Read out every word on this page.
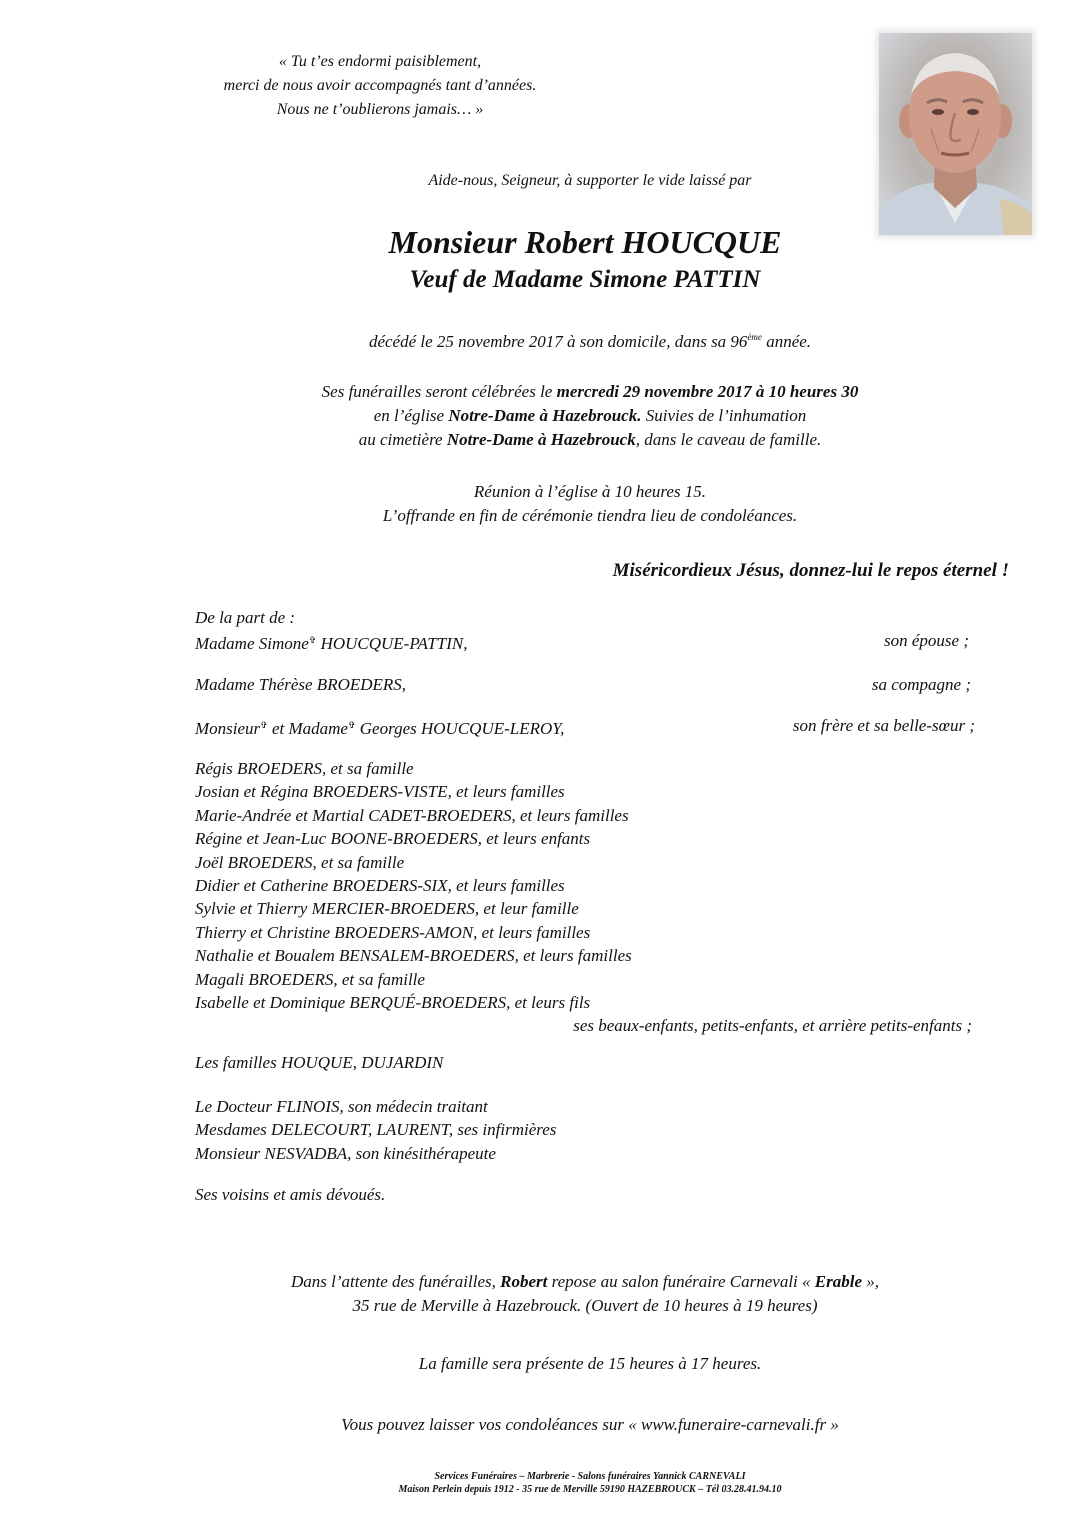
« Tu t’es endormi paisiblement,
merci de nous avoir accompagnés tant d’années.
Nous ne t’oublierons jamais… »
Aide-nous, Seigneur, à supporter le vide laissé par
Monsieur Robert HOUCQUE
Veuf de Madame Simone PATTIN
décédé le 25 novembre 2017 à son domicile, dans sa 96ème année.
Ses funérailles seront célébrées le mercredi 29 novembre 2017 à 10 heures 30
en l’église Notre-Dame à Hazebrouck. Suivies de l’inhumation
au cimetière Notre-Dame à Hazebrouck, dans le caveau de famille.
Réunion à l’église à 10 heures 15.
L’offrande en fin de cérémonie tiendra lieu de condoléances.
Miséricordieux Jésus, donnez-lui le repos éternel !
De la part de :
Madame Simone✞ HOUCQUE-PATTIN,	son épouse ;
Madame Thérèse BROEDERS,	sa compagne ;
Monsieur✞ et Madame✞ Georges HOUCQUE-LEROY,	son frère et sa belle-sœur ;
Régis BROEDERS, et sa famille
Josian et Régina BROEDERS-VISTE, et leurs familles
Marie-Andrée et Martial CADET-BROEDERS, et leurs familles
Régine et Jean-Luc BOONE-BROEDERS, et leurs enfants
Joël BROEDERS, et sa famille
Didier et Catherine BROEDERS-SIX, et leurs familles
Sylvie et Thierry MERCIER-BROEDERS, et leur famille
Thierry et Christine BROEDERS-AMON, et leurs familles
Nathalie et Boualem BENSALEM-BROEDERS, et leurs familles
Magali BROEDERS, et sa famille
Isabelle et Dominique BERQUÉ-BROEDERS, et leurs fils
ses beaux-enfants, petits-enfants, et arrière petits-enfants ;
Les familles HOUQUE, DUJARDIN
Le Docteur FLINOIS, son médecin traitant
Mesdames DELECOURT, LAURENT, ses infirmières
Monsieur NESVADBA, son kinésithérapeute
Ses voisins et amis dévoués.
Dans l’attente des funérailles, Robert repose au salon funéraire Carnevali « Erable »,
35 rue de Merville à Hazebrouck. (Ouvert de 10 heures à 19 heures)
La famille sera présente de 15 heures à 17 heures.
Vous pouvez laisser vos condoléances sur « www.funeraire-carnevali.fr »
Services Funéraires – Marbrerie - Salons funéraires Yannick CARNEVALI
Maison Perlein depuis 1912 - 35 rue de Merville 59190 HAZEBROUCK – Tél 03.28.41.94.10
